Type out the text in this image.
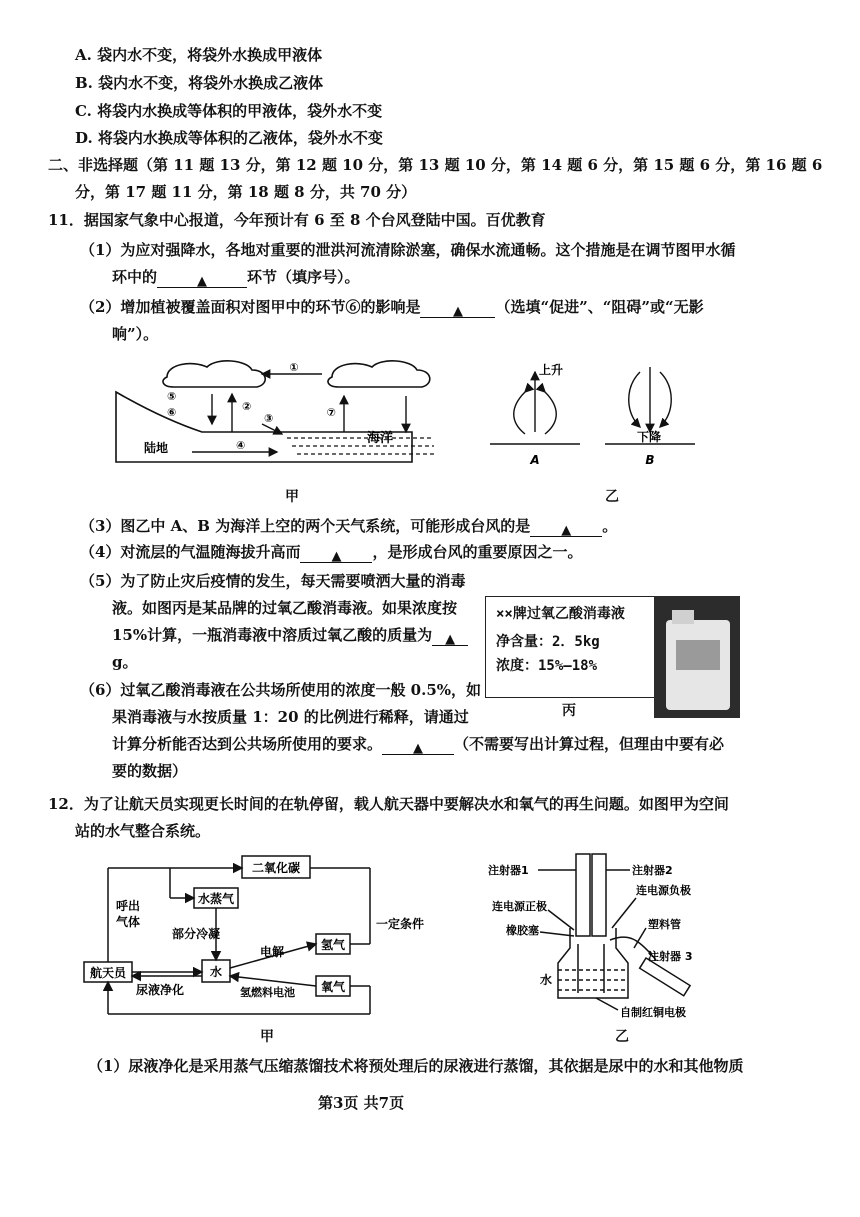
A. 袋内水不变，将袋外水换成甲液体
B. 袋内水不变，将袋外水换成乙液体
C. 将袋内水换成等体积的甲液体，袋外水不变
D. 将袋内水换成等体积的乙液体，袋外水不变
二、非选择题（第 11 题 13 分，第 12 题 10 分，第 13 题 10 分，第 14 题 6 分，第 15 题 6 分，第 16 题 6
分，第 17 题 11 分，第 18 题 8 分，共 70 分）
11．据国家气象中心报道，今年预计有 6 至 8 个台风登陆中国。百优教育
（1）为应对强降水，各地对重要的泄洪河流清除淤塞，确保水流通畅。这个措施是在调节图甲水循
环中的	▲	环节（填序号）。
（2）增加植被覆盖面积对图甲中的环节⑥的影响是	▲ （选填“促进”、“阻碍”或“无影
响”）。
①
②	⑦
③
④
⑤
⑥
陆地
海洋
上升
A
下降
B
甲	乙
（3）图乙中 A、B 为海洋上空的两个天气系统，可能形成台风的是 ▲ 。
（4）对流层的气温随海拔升高而 ▲ ，是形成台风的重要原因之一。
（5）为了防止灾后疫情的发生，每天需要喷洒大量的消毒
液。如图丙是某品牌的过氧乙酸消毒液。如果浓度按
15%计算，一瓶消毒液中溶质过氧乙酸的质量为 ▲
g。
（6）过氧乙酸消毒液在公共场所使用的浓度一般 0.5%，如
果消毒液与水按质量 1：20 的比例进行稀释，请通过
计算分析能否达到公共场所使用的要求。 ▲ （不需要写出计算过程，但理由中要有必
要的数据）
××牌过氧乙酸消毒液
净含量：2．5kg
浓度：15%—18%
丙
12．为了让航天员实现更长时间的在轨停留，载人航天器中要解决水和氧气的再生问题。如图甲为空间
站的水气整合系统。
二氧化碳
水蒸气
航天员	水
氢气
氧气
呼出
气体
部分冷凝
电解
氢燃料电池
尿液净化
一定条件
注射器1	注射器2
连电源负极
连电源正极
塑料管
橡胶塞
注射器 3
水
自制红铜电极
甲	乙
（1）尿液净化是采用蒸气压缩蒸馏技术将预处理后的尿液进行蒸馏，其依据是尿中的水和其他物质
第3页 共7页
